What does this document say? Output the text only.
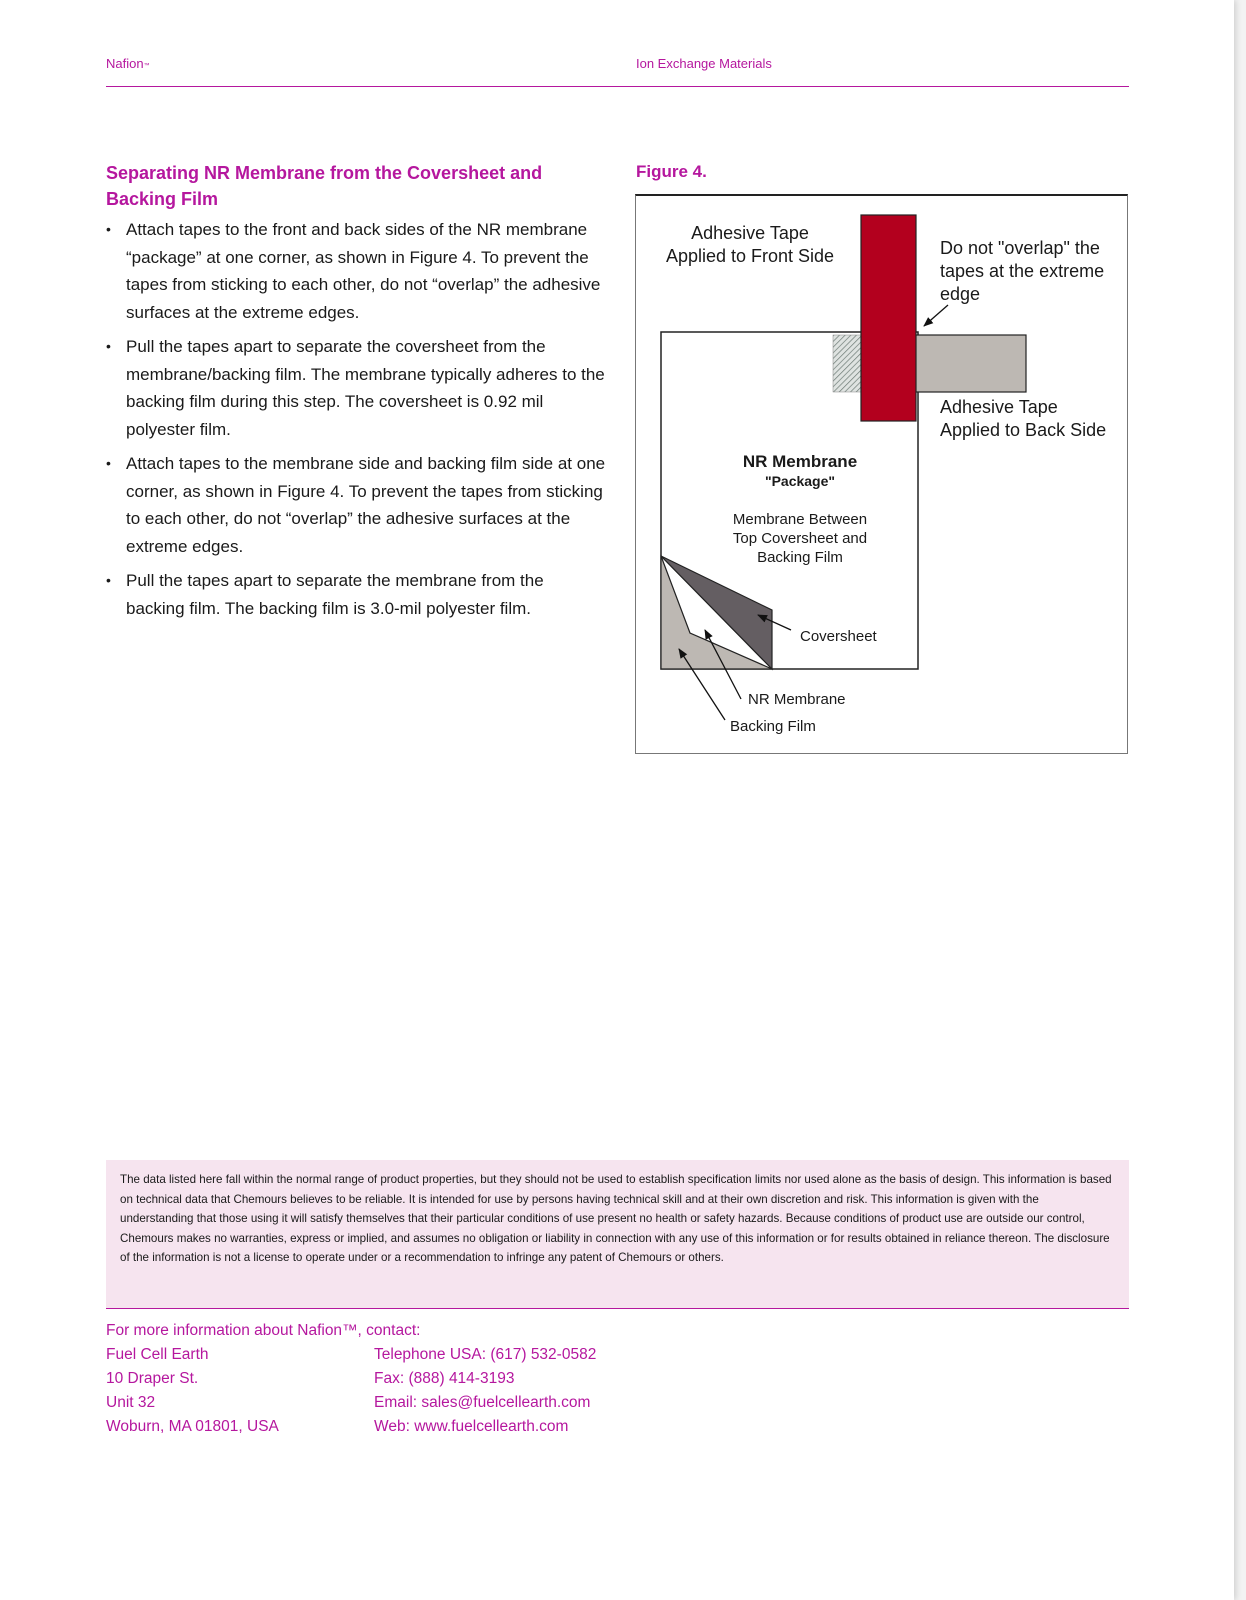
Nafion™	Ion Exchange Materials
Separating NR Membrane from the Coversheet and Backing Film
• Attach tapes to the front and back sides of the NR membrane “package” at one corner, as shown in Figure 4. To prevent the tapes from sticking to each other, do not “overlap” the adhesive surfaces at the extreme edges.
• Pull the tapes apart to separate the coversheet from the membrane/backing film. The membrane typically adheres to the backing film during this step. The coversheet is 0.92 mil polyester film.
• Attach tapes to the membrane side and backing film side at one corner, as shown in Figure 4. To prevent the tapes from sticking to each other, do not “overlap” the adhesive surfaces at the extreme edges.
• Pull the tapes apart to separate the membrane from the backing film. The backing film is 3.0-mil polyester film.
Figure 4.
Adhesive Tape
Applied to Front Side	Do not "overlap" the
tapes at the extreme
edge
Adhesive Tape
Applied to Back Side
NR Membrane
"Package"
Membrane Between
Top Coversheet and
Backing Film
Coversheet
NR Membrane
Backing Film
The data listed here fall within the normal range of product properties, but they should not be used to establish specification limits nor used alone as the basis of design. This information is based on technical data that Chemours believes to be reliable. It is intended for use by persons having technical skill and at their own discretion and risk. This information is given with the understanding that those using it will satisfy themselves that their particular conditions of use present no health or safety hazards. Because conditions of product use are outside our control, Chemours makes no warranties, express or implied, and assumes no obligation or liability in connection with any use of this information or for results obtained in reliance thereon. The disclosure of the information is not a license to operate under or a recommendation to infringe any patent of Chemours or others.
For more information about Nafion™, contact:
Fuel Cell Earth
10 Draper St.
Unit 32
Woburn, MA 01801, USA
Telephone USA: (617) 532-0582
Fax: (888) 414-3193
Email: sales@fuelcellearth.com
Web: www.fuelcellearth.com
